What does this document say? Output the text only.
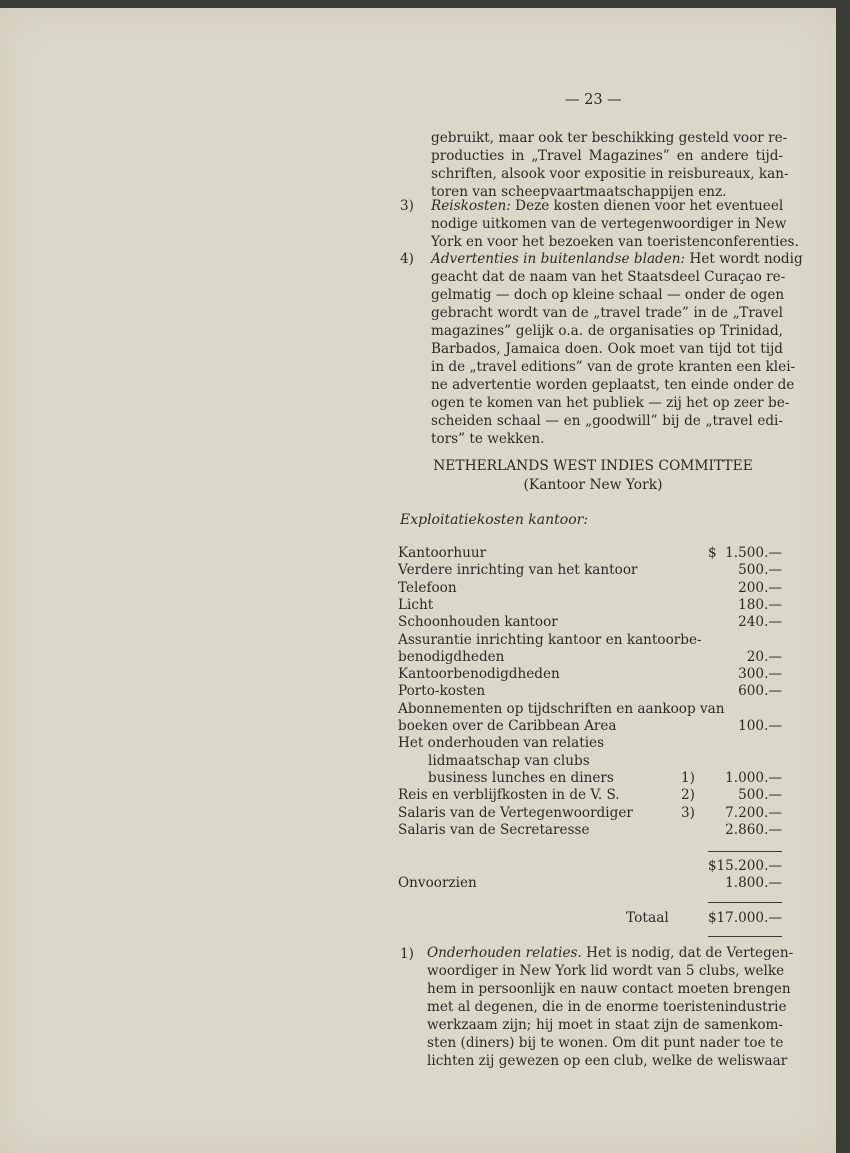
— 23 —
gebruikt, maar ook ter beschikking gesteld voor re-
producties in „Travel Magazines” en andere tijd-
schriften, alsook voor expositie in reisbureaux, kan-
toren van scheepvaartmaatschappijen enz.
3) Reiskosten: Deze kosten dienen voor het eventueel
nodige uitkomen van de vertegenwoordiger in New
York en voor het bezoeken van toeristenconferenties.
4) Advertenties in buitenlandse bladen: Het wordt nodig
geacht dat de naam van het Staatsdeel Curaçao re-
gelmatig — doch op kleine schaal — onder de ogen
gebracht wordt van de „travel trade” in de „Travel
magazines” gelijk o.a. de organisaties op Trinidad,
Barbados, Jamaica doen. Ook moet van tijd tot tijd
in de „travel editions” van de grote kranten een klei-
ne advertentie worden geplaatst, ten einde onder de
ogen te komen van het publiek — zij het op zeer be-
scheiden schaal — en „goodwill” bij de „travel edi-
tors” te wekken.
NETHERLANDS WEST INDIES COMMITTEE
(Kantoor New York)
Exploitatiekosten kantoor:
Kantoorhuur	$ 1.500.—
Verdere inrichting van het kantoor	500.—
Telefoon	200.—
Licht	180.—
Schoonhouden kantoor	240.—
Assurantie inrichting kantoor en kantoorbe-
benodigdheden	20.—
Kantoorbenodigdheden	300.—
Porto-kosten	600.—
Abonnementen op tijdschriften en aankoop van
boeken over de Caribbean Area	100.—
Het onderhouden van relaties
lidmaatschap van clubs
business lunches en diners	1) 1.000.—
Reis en verblijfkosten in de V. S.	2)	500.—
Salaris van de Vertegenwoordiger	3) 7.200.—
Salaris van de Secretaresse	2.860.—
$ 15.200.—
Onvoorzien	1.800.—
Totaal	$ 17.000.—
1) Onderhouden relaties. Het is nodig, dat de Vertegen-
woordiger in New York lid wordt van 5 clubs, welke
hem in persoonlijk en nauw contact moeten brengen
met al degenen, die in de enorme toeristenindustrie
werkzaam zijn; hij moet in staat zijn de samenkom-
sten (diners) bij te wonen. Om dit punt nader toe te
lichten zij gewezen op een club, welke de weliswaar
